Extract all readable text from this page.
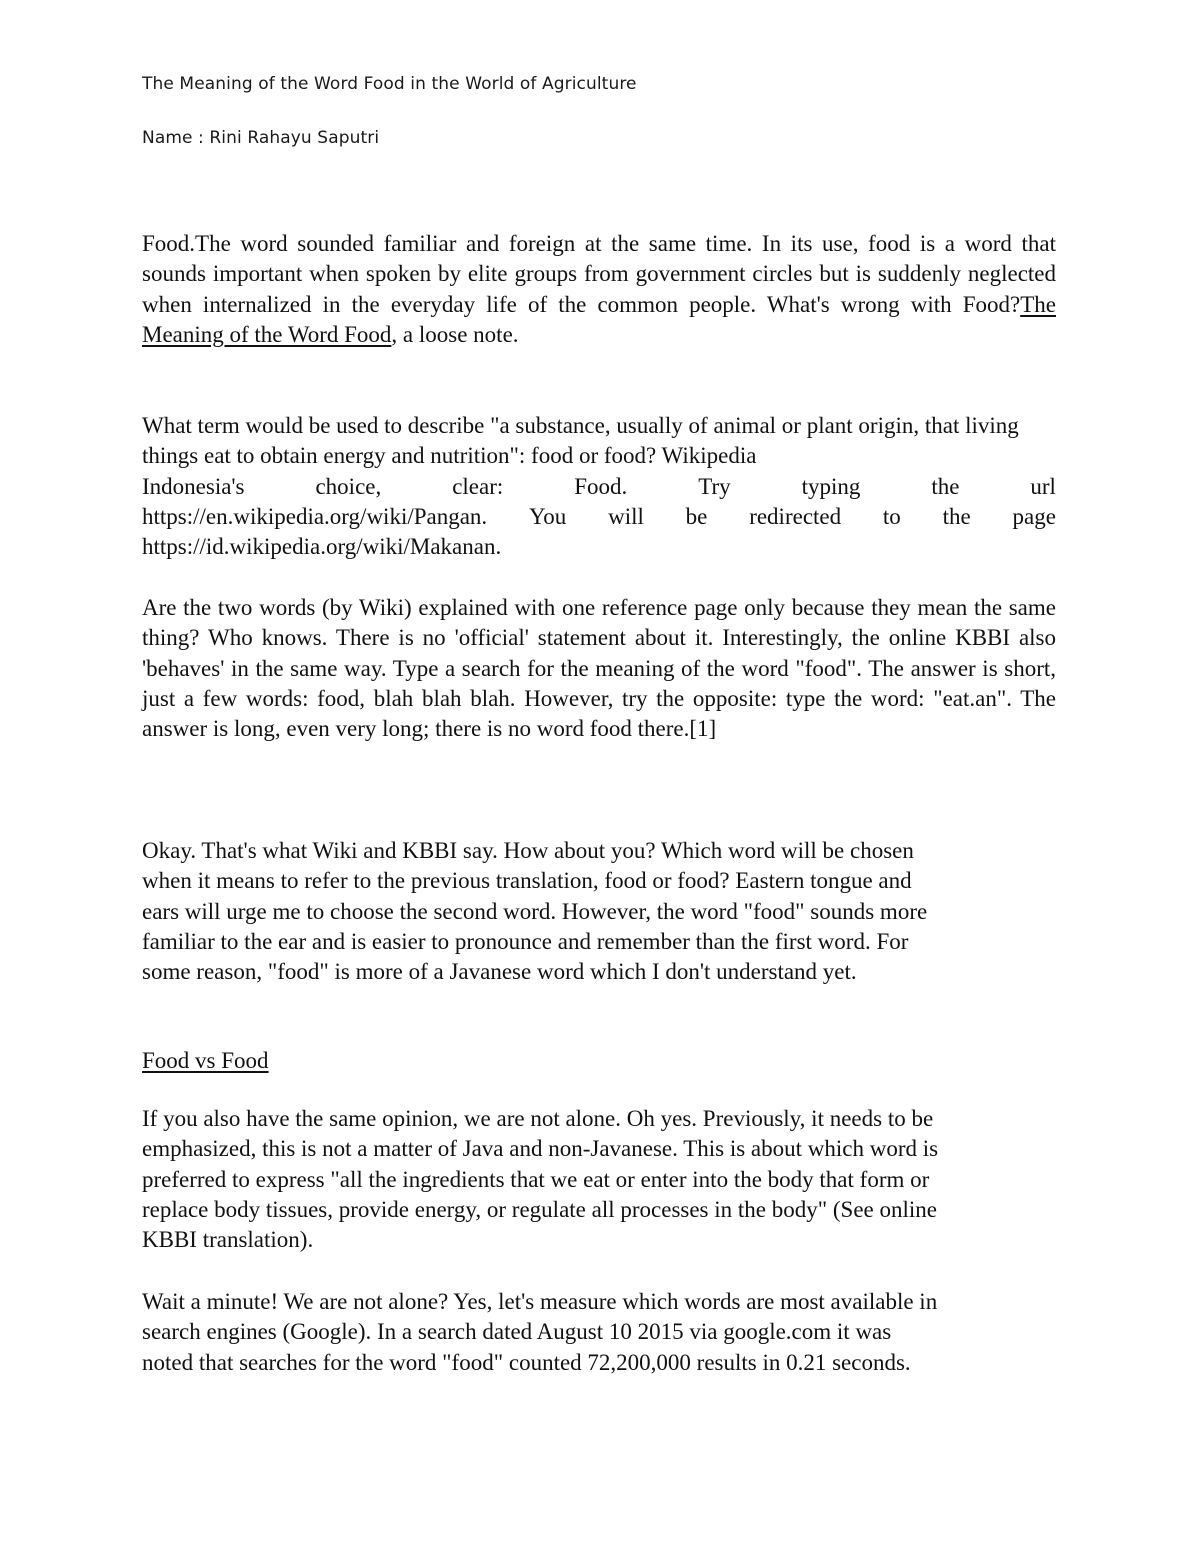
The Meaning of the Word Food in the World of Agriculture
Name : Rini Rahayu Saputri

Food.The word sounded familiar and foreign at the same time. In its use, food is a word that sounds important when spoken by elite groups from government circles but is suddenly neglected when internalized in the everyday life of the common people. What's wrong with Food?The Meaning of the Word Food, a loose note.

What term would be used to describe "a substance, usually of animal or plant origin, that living things eat to obtain energy and nutrition": food or food? Wikipedia
Indonesia's	choice,	clear:	Food.	Try	typing	the	url
https://en.wikipedia.org/wiki/Pangan. You will be redirected to the page
https://id.wikipedia.org/wiki/Makanan.

Are the two words (by Wiki) explained with one reference page only because they mean the same thing? Who knows. There is no 'official' statement about it. Interestingly, the online KBBI also 'behaves' in the same way. Type a search for the meaning of the word "food". The answer is short, just a few words: food, blah blah blah. However, try the opposite: type the word: "eat.an". The answer is long, even very long; there is no word food there.[1]

Okay. That's what Wiki and KBBI say. How about you? Which word will be chosen
when it means to refer to the previous translation, food or food? Eastern tongue and
ears will urge me to choose the second word. However, the word "food" sounds more
familiar to the ear and is easier to pronounce and remember than the first word. For
some reason, "food" is more of a Javanese word which I don't understand yet.
Food vs Food
If you also have the same opinion, we are not alone. Oh yes. Previously, it needs to be
emphasized, this is not a matter of Java and non-Javanese. This is about which word is
preferred to express "all the ingredients that we eat or enter into the body that form or
replace body tissues, provide energy, or regulate all processes in the body" (See online
KBBI translation).
Wait a minute! We are not alone? Yes, let's measure which words are most available in
search engines (Google). In a search dated August 10 2015 via google.com it was
noted that searches for the word "food" counted 72,200,000 results in 0.21 seconds.
